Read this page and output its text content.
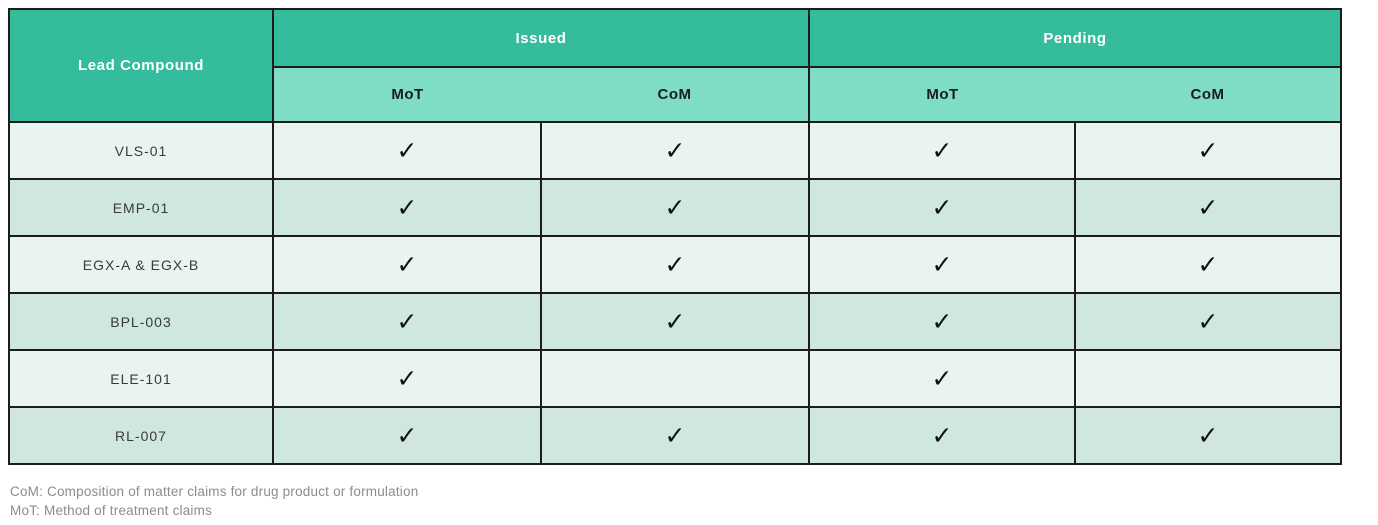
Lead Compound	Issued		Pending	
	MoT	CoM	MoT	CoM
VLS-01	✓	✓	✓	✓
EMP-01	✓	✓	✓	✓
EGX-A & EGX-B	✓	✓	✓	✓
BPL-003	✓	✓	✓	✓
ELE-101	✓		✓	
RL-007	✓	✓	✓	✓
CoM: Composition of matter claims for drug product or formulation
MoT: Method of treatment claims
